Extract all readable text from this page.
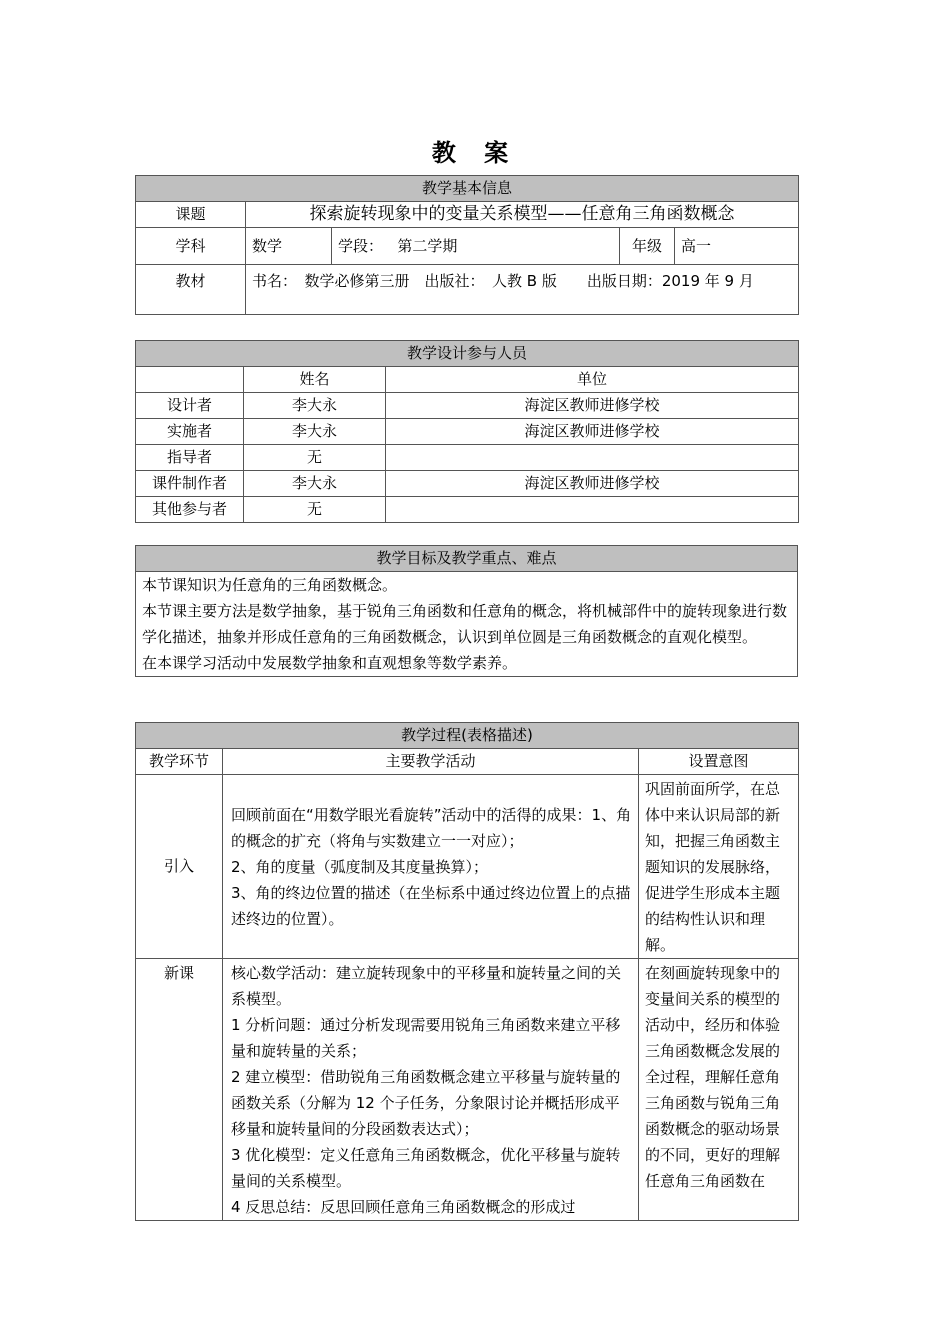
教 案
教学基本信息				
课题	探索旋转现象中的变量关系模型——任意角三角函数概念			
学科	数学	学段： 第二学期	年级	高一
教材	书名：　数学必修第三册　出版社：　人教 B 版　　出版日期：2019 年 9 月			
教学设计参与人员		
	姓名	单位
设计者	李大永	海淀区教师进修学校
实施者	李大永	海淀区教师进修学校
指导者	无	
课件制作者	李大永	海淀区教师进修学校
其他参与者	无	
教学目标及教学重点、难点

本节课知识为任意角的三角函数概念。

本节课主要方法是数学抽象，基于锐角三角函数和任意角的概念，将机械部件中的旋转现象进行数学化描述，抽象并形成任意角的三角函数概念，认识到单位圆是三角函数概念的直观化模型。

在本课学习活动中发展数学抽象和直观想象等数学素养。

教学过程(表格描述)		
教学环节	主要教学活动	设置意图
引入	回顾前面在“用数学眼光看旋转”活动中的活得的成果：1、角的概念的扩充（将角与实数建立一一对应）；

2、角的度量（弧度制及其度量换算）；

3、角的终边位置的描述（在坐标系中通过终边位置上的点描述终边的位置）。	巩固前面所学，在总体中来认识局部的新知，把握三角函数主题知识的发展脉络，促进学生形成本主题的结构性认识和理解。
新课	核心数学活动：建立旋转现象中的平移量和旋转量之间的关系模型。

1 分析问题：通过分析发现需要用锐角三角函数来建立平移量和旋转量的关系；

2 建立模型：借助锐角三角函数概念建立平移量与旋转量的函数关系（分解为 12 个子任务，分象限讨论并概括形成平移量和旋转量间的分段函数表达式）；

3 优化模型：定义任意角三角函数概念，优化平移量与旋转量间的关系模型。

4 反思总结：反思回顾任意角三角函数概念的形成过	在刻画旋转现象中的变量间关系的模型的活动中，经历和体验三角函数概念发展的全过程，理解任意角三角函数与锐角三角函数概念的驱动场景的不同，更好的理解任意角三角函数在
